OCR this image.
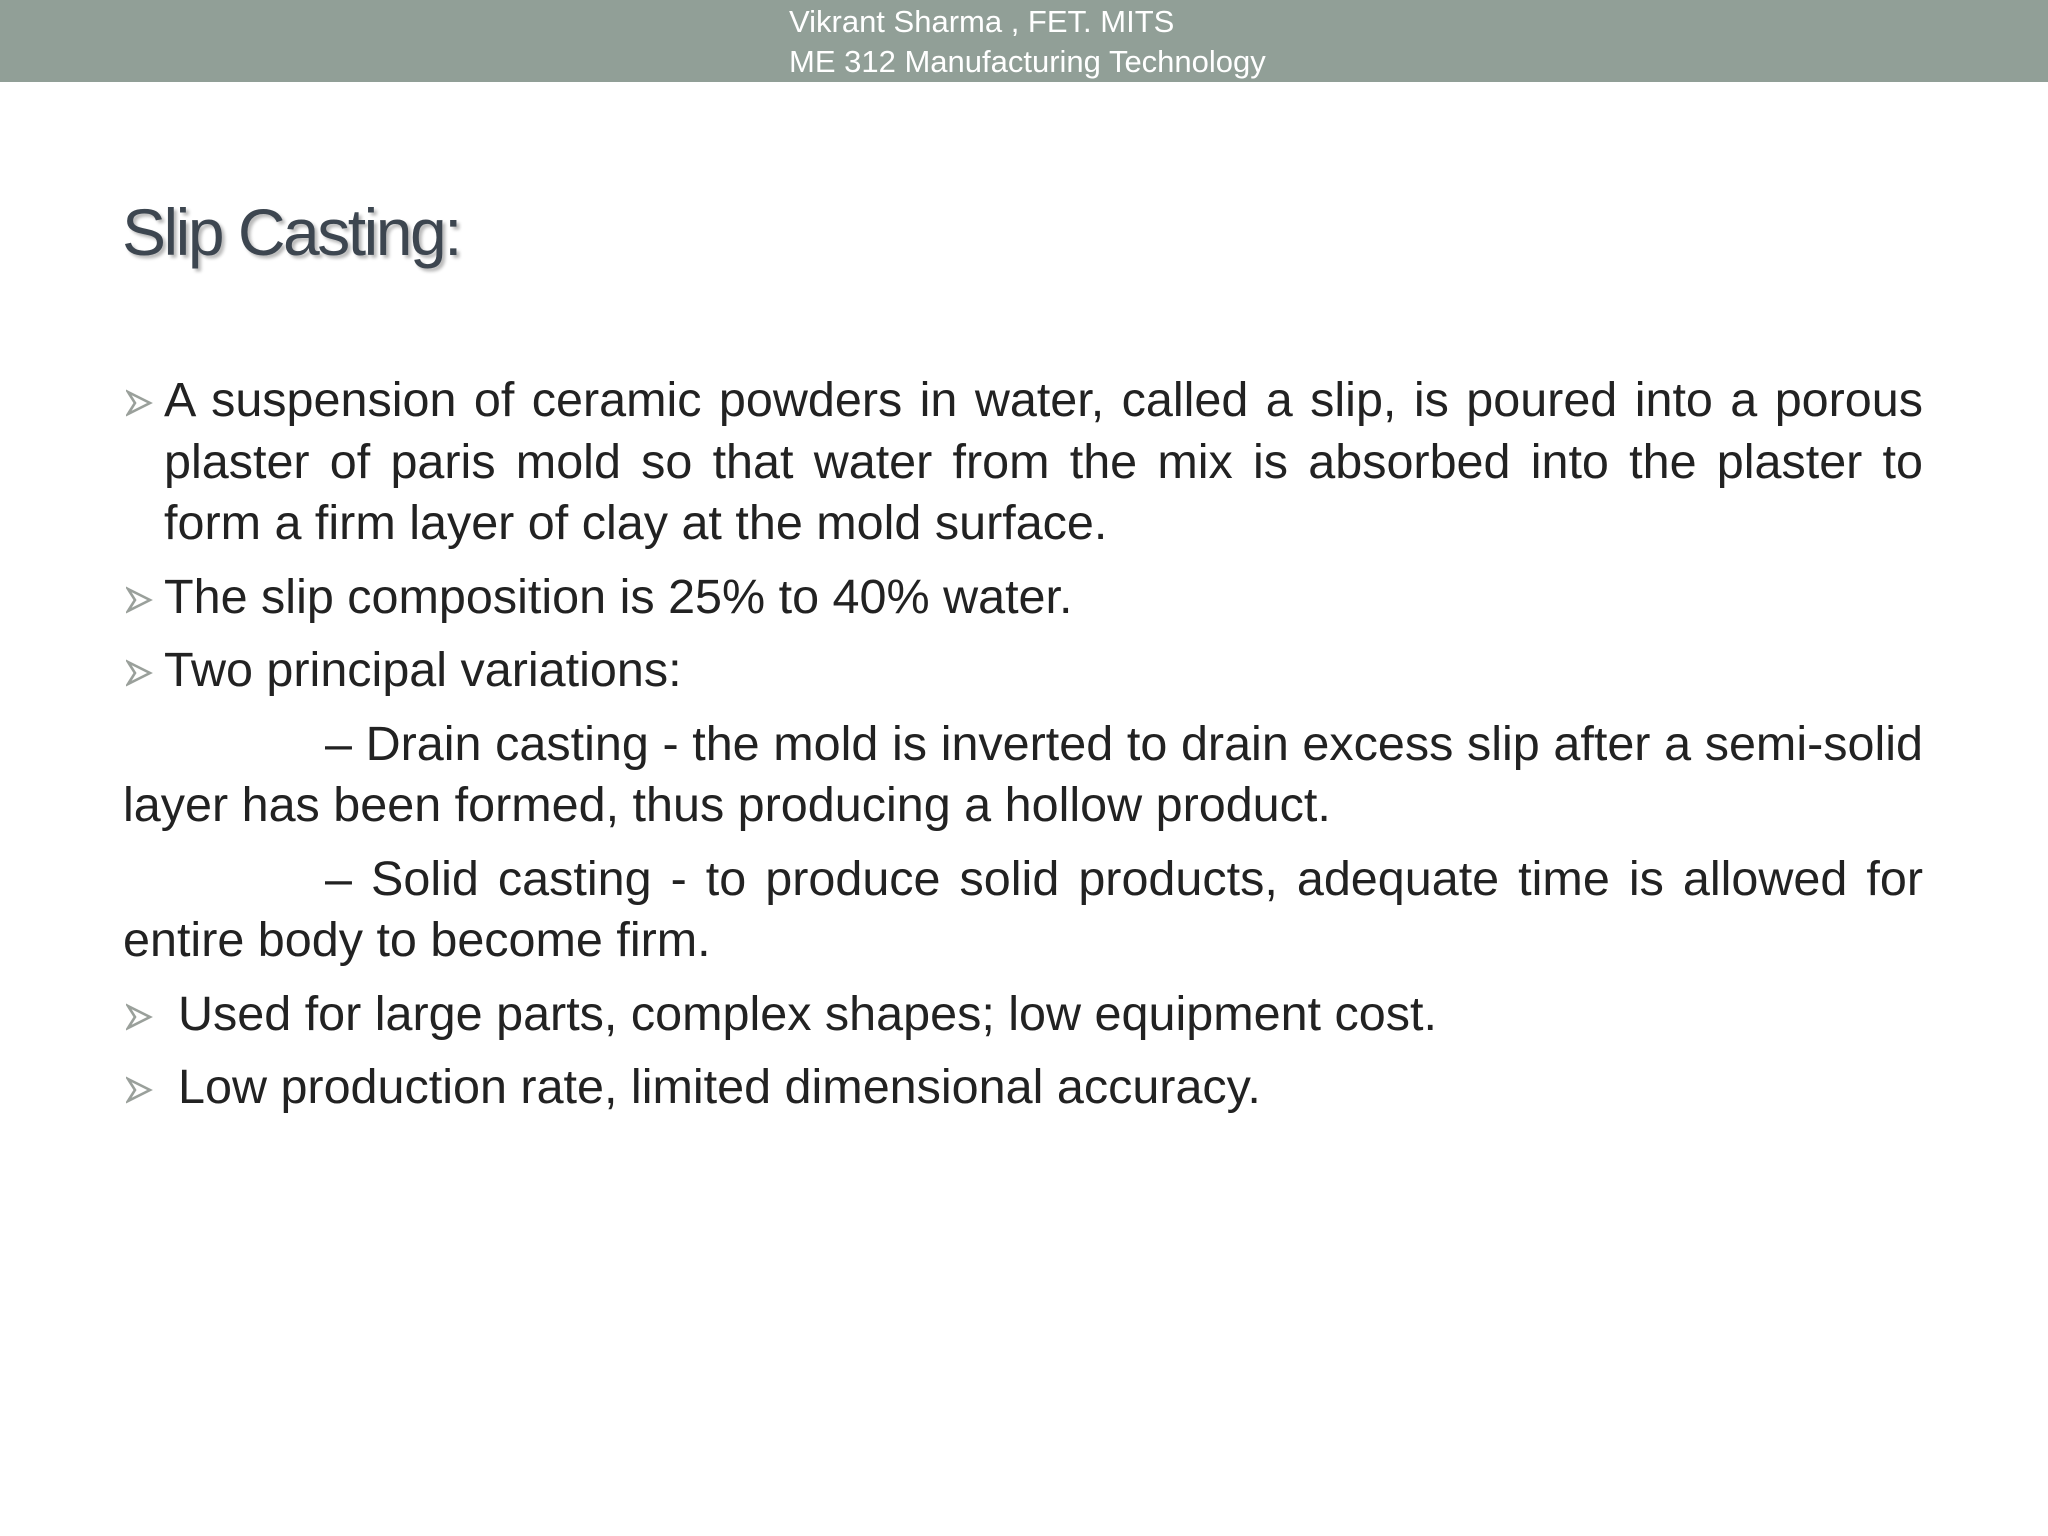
Vikrant Sharma , FET. MITS
ME 312 Manufacturing Technology
Slip Casting:
A suspension of ceramic powders in water, called a slip, is poured into a porous plaster of paris mold so that water from the mix is absorbed into the plaster to form a firm layer of clay at the mold surface.
The slip composition is 25% to 40% water.
Two principal variations:
– Drain casting - the mold is inverted to drain excess slip after a semi-solid layer has been formed, thus producing a hollow product.
– Solid casting - to produce solid products, adequate time is allowed for entire body to become firm.
Used for large parts, complex shapes; low equipment cost.
Low production rate, limited dimensional accuracy.
